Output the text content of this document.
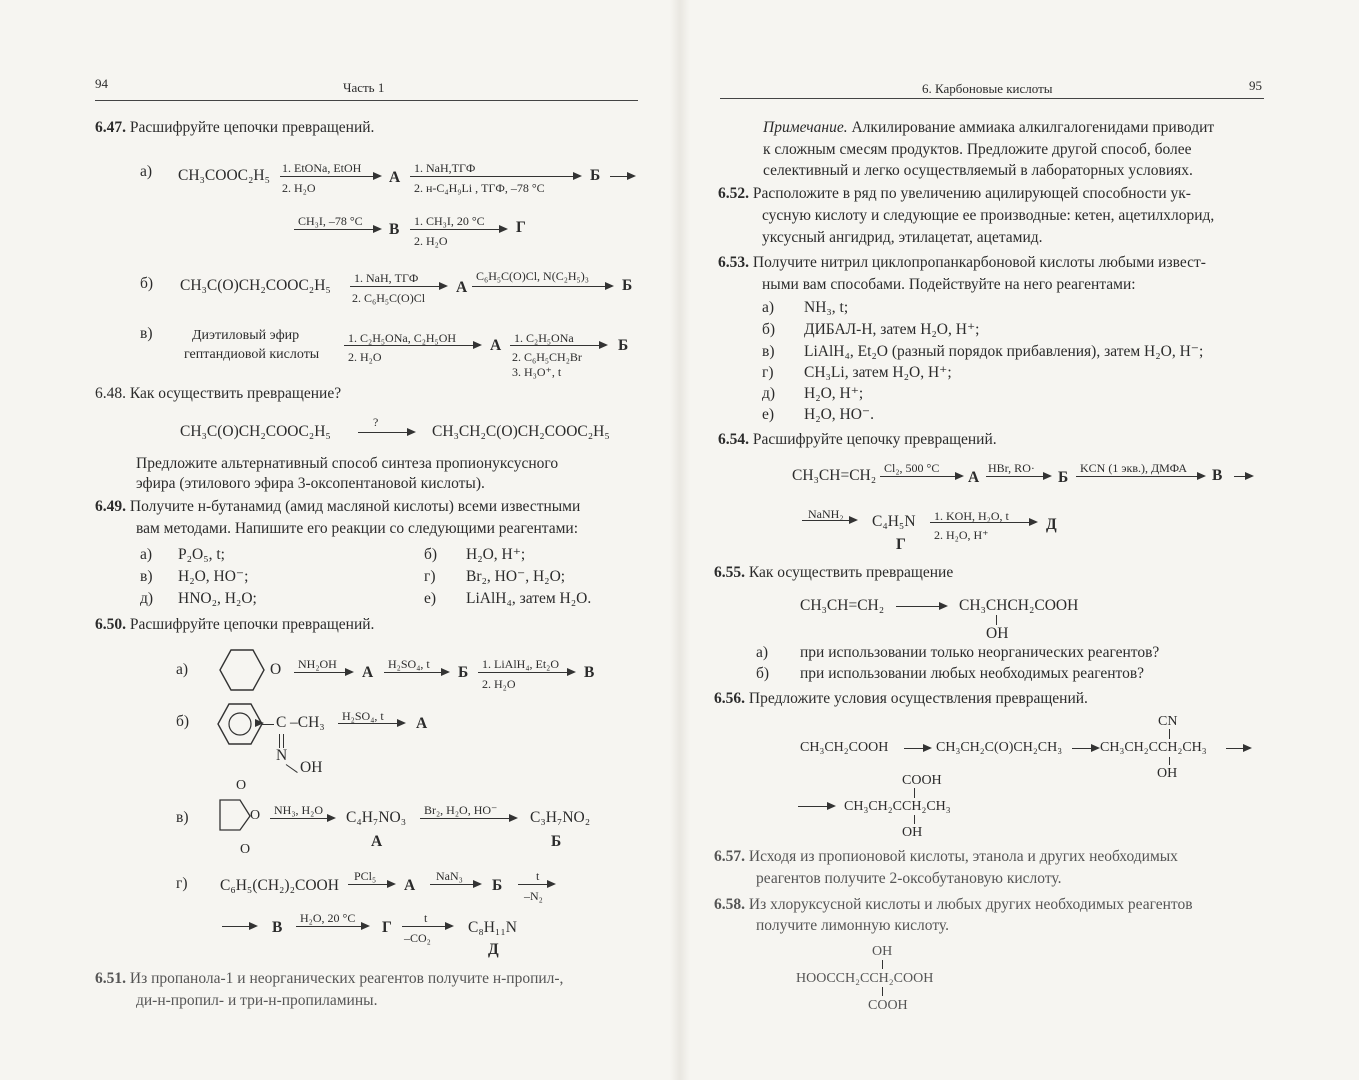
94	Часть 1
6.47. Расшифруйте цепочки превращений.
а) CH₃COOC₂H₅ 1. EtONa, EtOH
2. H₂O
А
1. NaH,ТГФ
2. н-C₄H₉Li , ТГФ, –78 °С
Б →
CH₃I, –78 °C В 1. CH₃I, 20 °C
2. H₂O
Г
б) CH₃C(O)CH₂COOC₂H₅ 1. NaH, ТГФ
2. C₆H₅C(O)Cl
А
C₆H₅C(O)Cl, N(C₂H₅)₃
Б
в)	Диэтиловый эфир
гептандиовой кислоты
1. C₂H₅ONa, C₂H₅OH
2. H₂O
А 1. C₂H₅ONa
2. C₆H₅CH₂Br
3. H₃O⁺, t
Б
6.48. Как осуществить превращение?
CH₃C(O)CH₂COOC₂H₅
?
→ CH₃CH₂C(O)CH₂COOC₂H₅
Предложите альтернативный способ синтеза пропионуксусного
эфира (этилового эфира 3-оксопентановой кислоты).
6.49. Получите н-бутанамид (амид масляной кислоты) всеми известными
вам методами. Напишите его реакции со следующими реагентами:
а) P₂O₅, t;	б) H₂O, H⁺;
в) H₂O, HO⁻;	г) Br₂, HO⁻, H₂O;
д) HNO₂, H₂O;	е) LiAlH₄, затем H₂O.
6.50. Расшифруйте цепочки превращений.
а)	O NH₂OH → А H₂SO₄, t → Б 1. LiAlH₄, Et₂O
2. H₂O
В
б)	C –CH₃
N
OH
H₂SO₄, t А
в)
O
O
O
NH₃, H₂O → C₄H₇NO₃
А
Br₂, H₂O, HO⁻ C₃H₇NO₂
Б
г) C₆H₅(CH₂)₂COOH
PCl₅
→ А
NaN₃
→ Б
t
–N₂
→ В
H₂O, 20 °C
Г
t
–CO₂
C₈H₁₁N
Д
6.51. Из пропанола-1 и неорганических реагентов получите н-пропил-,
ди-н-пропил- и три-н-пропиламины.
6. Карбоновые кислоты	95
Примечание. Алкилирование аммиака алкилгалогенидами приводит
к сложным смесям продуктов. Предложите другой способ, более
селективный и легко осуществляемый в лабораторных условиях.
6.52. Расположите в ряд по увеличению ацилирующей способности ук-
сусную кислоту и следующие ее производные: кетен, ацетилхлорид,
уксусный ангидрид, этилацетат, ацетамид.
6.53. Получите нитрил циклопропанкарбоновой кислоты любыми извест-
ными вам способами. Подействуйте на него реагентами:
а) NH₃, t;
б) ДИБАЛ-Н, затем H₂O, H⁺;
в) LiAlH₄, Et₂O (разный порядок прибавления), затем H₂O, H⁻;
г) CH₃Li, затем H₂O, H⁺;
д) H₂O, H⁺;
е) H₂O, HO⁻.
6.54. Расшифруйте цепочку превращений.
CH₃CH=CH₂ Cl₂, 500 °C
А
HBr, RO·
→ Б
KCN (1 экв.), ДМФА В
NaNH₂ → C₄H₅N
Г
1. KOH, H₂O, t
2. H₂O, H⁺
Д
6.55. Как осуществить превращение
CH₃CH=CH₂ → CH₃CHCH₂COOH
OH
а) при использовании только неорганических реагентов?
б) при использовании любых необходимых реагентов?
6.56. Предложите условия осуществления превращений.
CH₃CH₂COOH → CH₃CH₂C(O)CH₂CH₃ → CH₃CH₂CCH₂CH₃
CN
OH
→ CH₃CH₂CCH₂CH₃
COOH
OH
6.57. Исходя из пропионовой кислоты, этанола и других необходимых
реагентов получите 2-оксобутановую кислоту.
6.58. Из хлоруксусной кислоты и любых других необходимых реагентов
получите лимонную кислоту.
OH
HOOCCH₂CCH₂COOH
COOH
